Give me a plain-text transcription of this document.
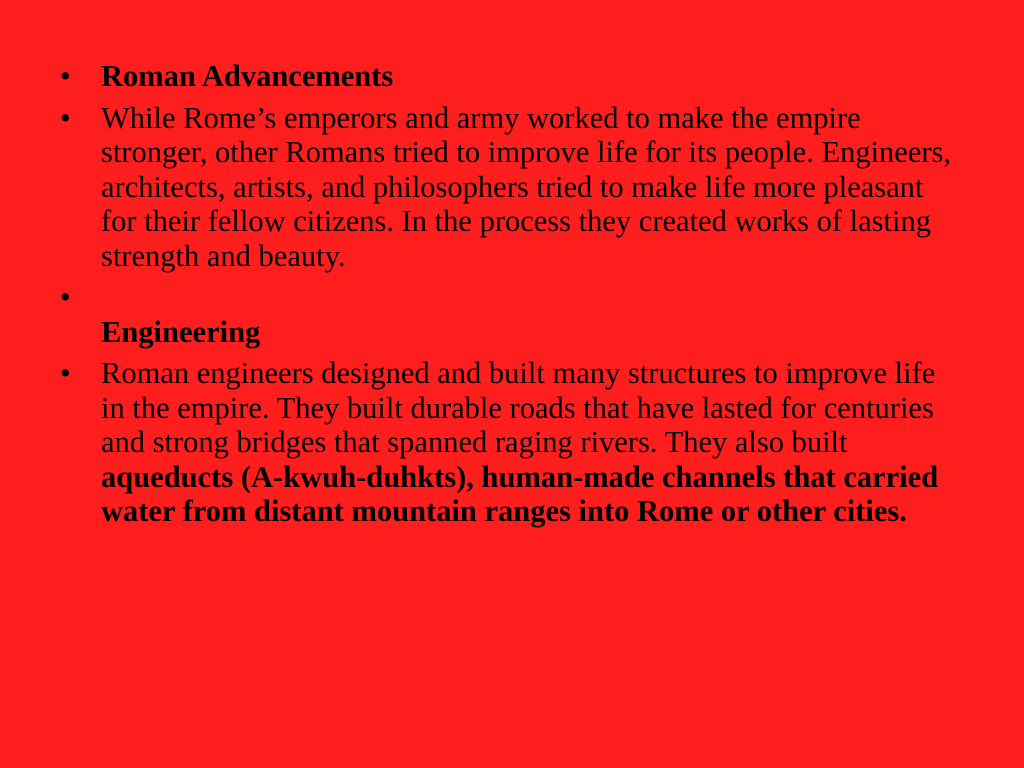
• Roman Advancements
• While Rome’s emperors and army worked to make the empire stronger, other Romans tried to improve life for its people. Engineers, architects, artists, and philosophers tried to make life more pleasant for their fellow citizens. In the process they created works of lasting strength and beauty.
•
Engineering
• Roman engineers designed and built many structures to improve life in the empire. They built durable roads that have lasted for centuries and strong bridges that spanned raging rivers. They also built aqueducts (A-kwuh-duhkts), human-made channels that carried water from distant mountain ranges into Rome or other cities.
